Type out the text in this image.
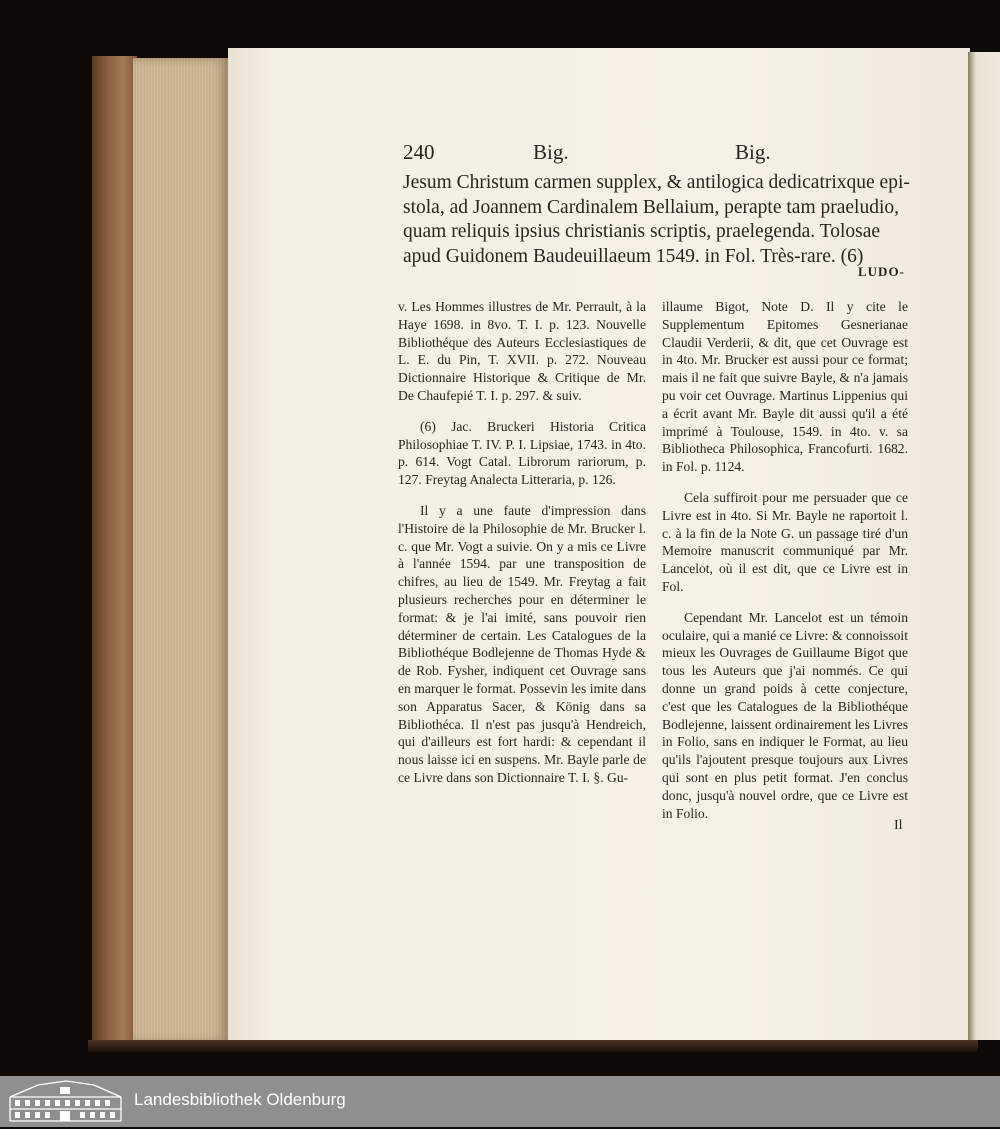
240	Big.	Big.
Jesum Christum carmen supplex, & antilogica dedicatrixque epi-
stola, ad Joannem Cardinalem Bellaium, perapte tam praeludio,
quam reliquis ipsius christianis scriptis, praelegenda. Tolosae
apud Guidonem Baudeuillaeum 1549. in Fol. Très-rare. (6)
LUDO-

v. Les Hommes illustres de Mr. Perrault, à la Haye 1698. in 8vo. T. I. p. 123. Nouvelle Bibliothéque des Auteurs Ecclesiastiques de L. E. du Pin, T. XVII. p. 272. Nouveau Dictionnaire Historique & Critique de Mr. De Chaufepié T. I. p. 297. & suiv.

(6) Jac. Bruckeri Historia Critica Philosophiae T. IV. P. I. Lipsiae, 1743. in 4to. p. 614. Vogt Catal. Librorum rariorum, p. 127. Freytag Analecta Litteraria, p. 126.

Il y a une faute d'impression dans l'Histoire de la Philosophie de Mr. Brucker l. c. que Mr. Vogt a suivie. On y a mis ce Livre à l'année 1594. par une transposition de chifres, au lieu de 1549. Mr. Freytag a fait plusieurs recherches pour en déterminer le format: & je l'ai imité, sans pouvoir rien déterminer de certain. Les Catalogues de la Bibliothéque Bodlejenne de Thomas Hyde & de Rob. Fysher, indiquent cet Ouvrage sans en marquer le format. Possevin les imite dans son Apparatus Sacer, & König dans sa Bibliothéca. Il n'est pas jusqu'à Hendreich, qui d'ailleurs est fort hardi: & cependant il nous laisse ici en suspens. Mr. Bayle parle de ce Livre dans son Dictionnaire T. I. §. Gu-

illaume Bigot, Note D. Il y cite le Supplementum Epitomes Gesnerianae Claudii Verderii, & dit, que cet Ouvrage est in 4to. Mr. Brucker est aussi pour ce format; mais il ne fait que suivre Bayle, & n'a jamais pu voir cet Ouvrage. Martinus Lippenius qui a écrit avant Mr. Bayle dit aussi qu'il a été imprimé à Toulouse, 1549. in 4to. v. sa Bibliotheca Philosophica, Francofurti. 1682. in Fol. p. 1124.

Cela suffiroit pour me persuader que ce Livre est in 4to. Si Mr. Bayle ne raportoit l. c. à la fin de la Note G. un passage tiré d'un Memoire manuscrit communiqué par Mr. Lancelot, où il est dit, que ce Livre est in Fol.

Cependant Mr. Lancelot est un témoin oculaire, qui a manié ce Livre: & connoissoit mieux les Ouvrages de Guillaume Bigot que tous les Auteurs que j'ai nommés. Ce qui donne un grand poids à cette conjecture, c'est que les Catalogues de la Bibliothéque Bodlejenne, laissent ordinairement les Livres in Folio, sans en indiquer le Format, au lieu qu'ils l'ajoutent presque toujours aux Livres qui sont en plus petit format. J'en conclus donc, jusqu'à nouvel ordre, que ce Livre est in Folio.

Il
Landesbibliothek Oldenburg
